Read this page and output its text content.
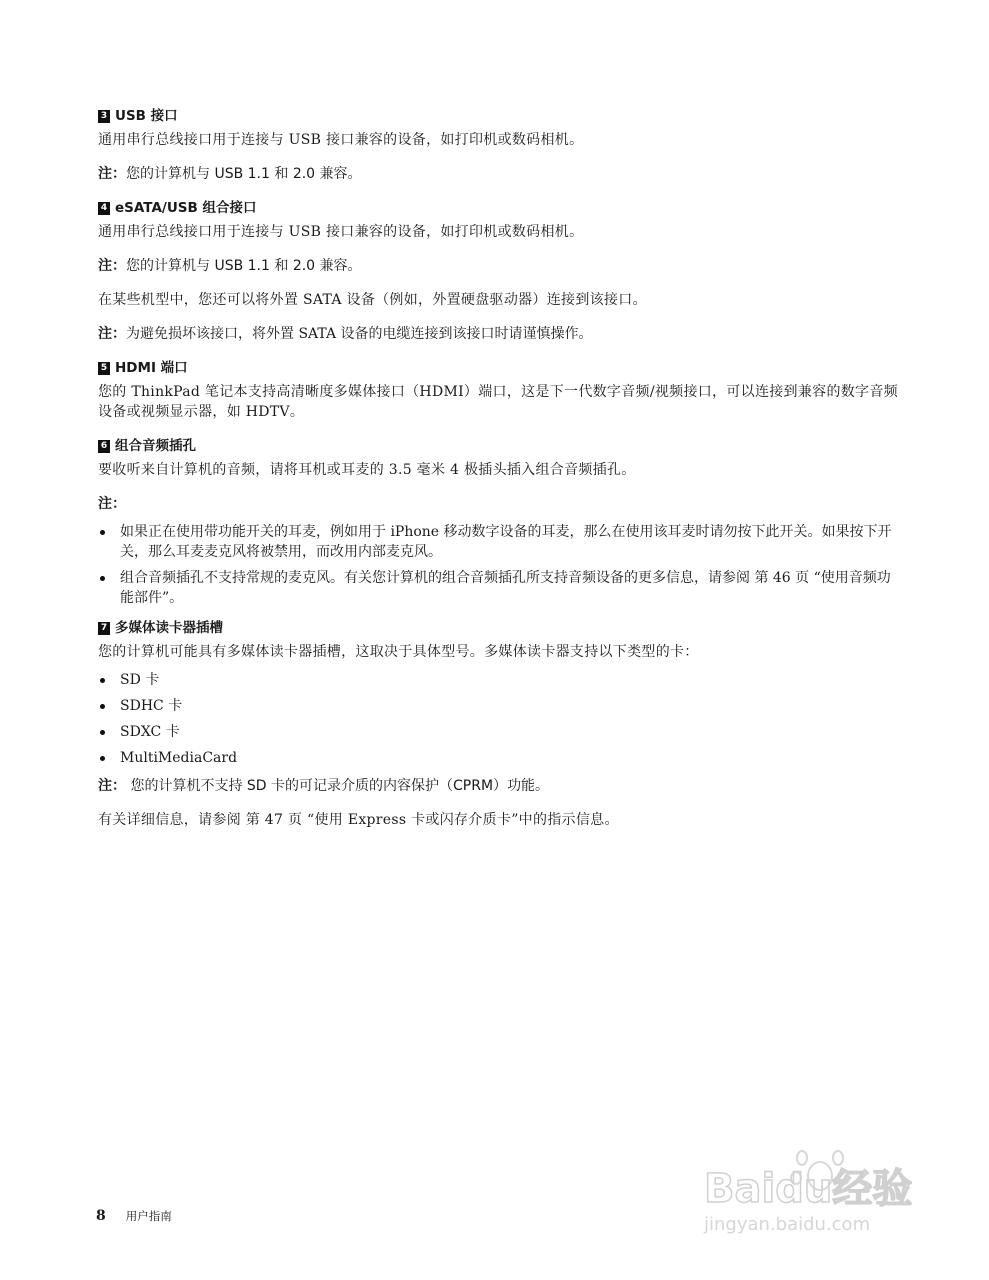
3 USB 接口
通用串行总线接口用于连接与 USB 接口兼容的设备，如打印机或数码相机。
注：您的计算机与 USB 1.1 和 2.0 兼容。
4 eSATA/USB 组合接口
通用串行总线接口用于连接与 USB 接口兼容的设备，如打印机或数码相机。
注：您的计算机与 USB 1.1 和 2.0 兼容。
在某些机型中，您还可以将外置 SATA 设备（例如，外置硬盘驱动器）连接到该接口。
注：为避免损坏该接口，将外置 SATA 设备的电缆连接到该接口时请谨慎操作。
5 HDMI 端口
您的 ThinkPad 笔记本支持高清晰度多媒体接口（HDMI）端口，这是下一代数字音频/视频接口，可以连接到兼容的数字音频设备或视频显示器，如 HDTV。
6 组合音频插孔
要收听来自计算机的音频，请将耳机或耳麦的 3.5 毫米 4 极插头插入组合音频插孔。
注：
如果正在使用带功能开关的耳麦，例如用于 iPhone 移动数字设备的耳麦，那么在使用该耳麦时请勿按下此开关。如果按下开关，那么耳麦麦克风将被禁用，而改用内部麦克风。
组合音频插孔不支持常规的麦克风。有关您计算机的组合音频插孔所支持音频设备的更多信息，请参阅 第 46 页 “使用音频功能部件”。
7 多媒体读卡器插槽
您的计算机可能具有多媒体读卡器插槽，这取决于具体型号。多媒体读卡器支持以下类型的卡：
SD 卡
SDHC 卡
SDXC 卡
MultiMediaCard
注： 您的计算机不支持 SD 卡的可记录介质的内容保护（CPRM）功能。
有关详细信息，请参阅 第 47 页 “使用 Express 卡或闪存介质卡”中的指示信息。
Baidu经验
jingyan.baidu.com
8 用户指南
